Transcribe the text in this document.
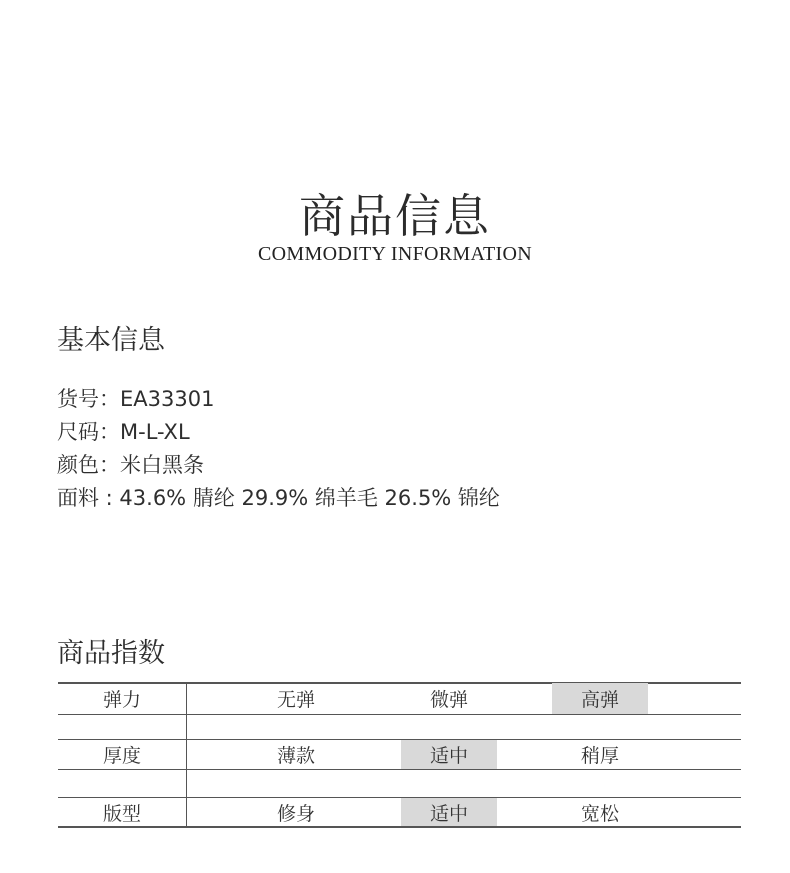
商品信息
COMMODITY INFORMATION
基本信息
货号：EA33301
尺码：M-L-XL
颜色：米白黑条
面料 : 43.6% 腈纶 29.9% 绵羊毛 26.5% 锦纶
商品指数
弹力	无弹	微弹	高弹
厚度	薄款	适中	稍厚
版型	修身	适中	宽松
